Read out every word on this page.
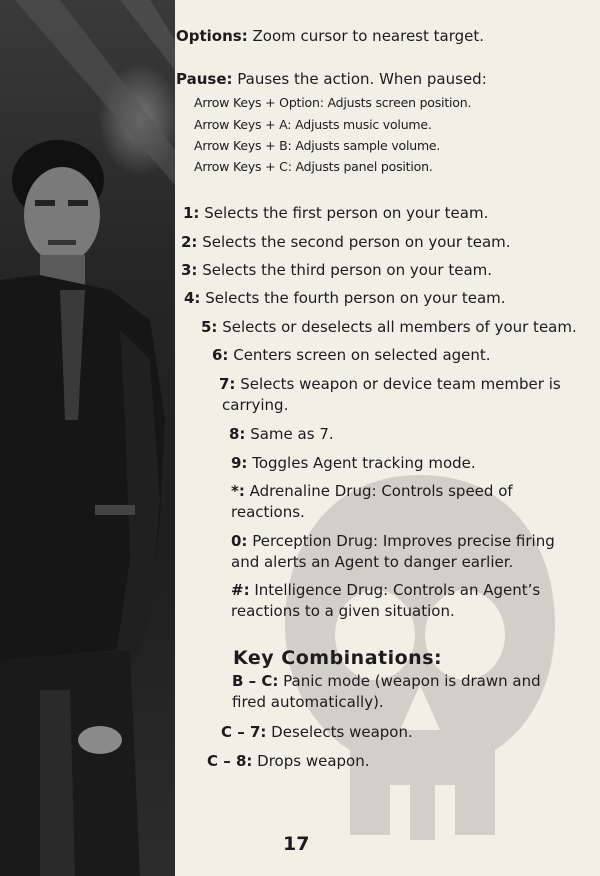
Options: Zoom cursor to nearest target.
Pause: Pauses the action. When paused:
Arrow Keys + Option: Adjusts screen position.
Arrow Keys + A: Adjusts music volume.
Arrow Keys + B: Adjusts sample volume.
Arrow Keys + C: Adjusts panel position.
1: Selects the first person on your team.
2: Selects the second person on your team.
3: Selects the third person on your team.
4: Selects the fourth person on your team.
5: Selects or deselects all members of your team.
6: Centers screen on selected agent.
7: Selects weapon or device team member is
carrying.
8: Same as 7.
9: Toggles Agent tracking mode.
*: Adrenaline Drug: Controls speed of
reactions.
0: Perception Drug: Improves precise firing
and alerts an Agent to danger earlier.
#: Intelligence Drug: Controls an Agent’s
reactions to a given situation.
Key Combinations:
B – C: Panic mode (weapon is drawn and
fired automatically).
C – 7: Deselects weapon.
C – 8: Drops weapon.
17
